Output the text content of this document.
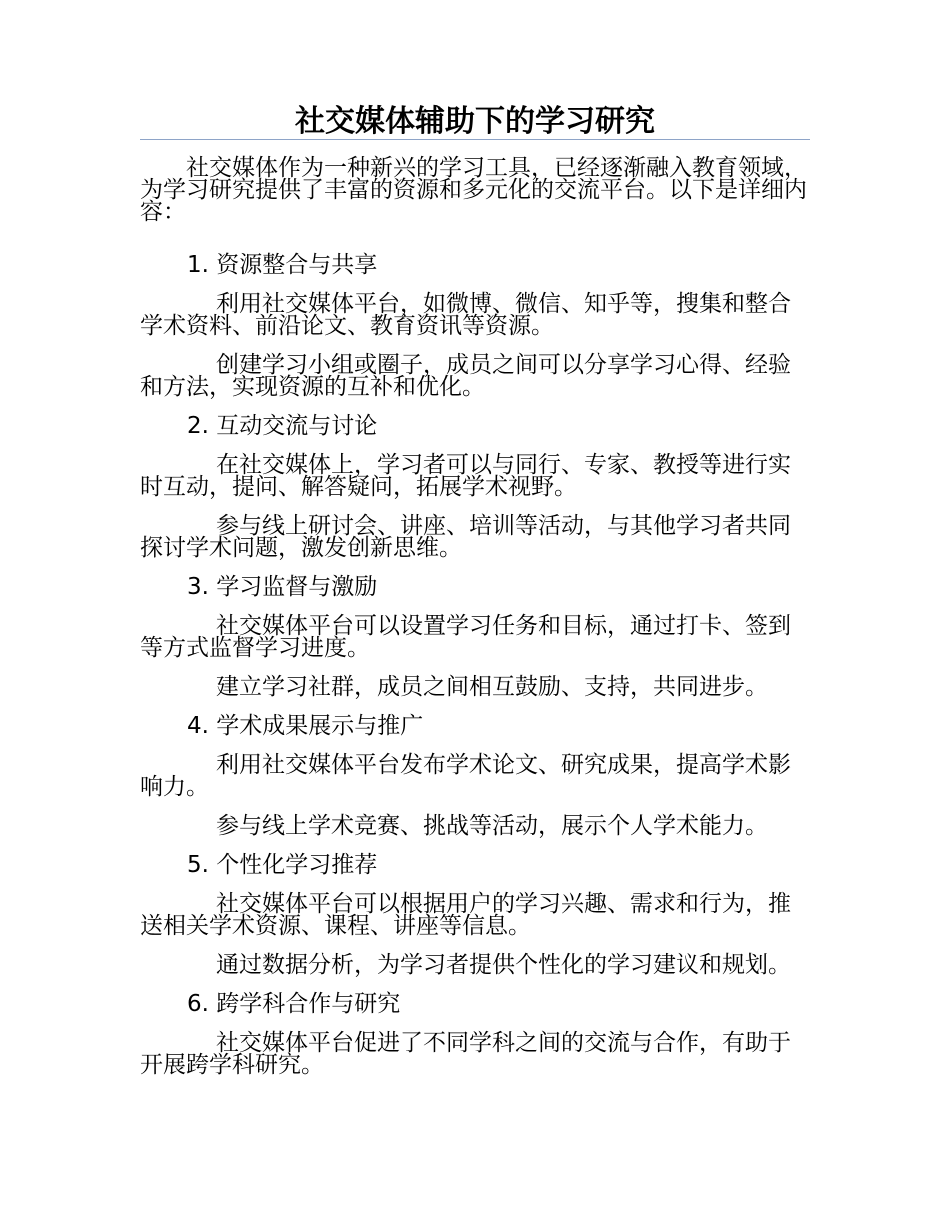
社交媒体辅助下的学习研究

社交媒体作为一种新兴的学习工具，已经逐渐融入教育领域，为学习研究提供了丰富的资源和多元化的交流平台。以下是详细内容：

1. 资源整合与共享

利用社交媒体平台，如微博、微信、知乎等，搜集和整合学术资料、前沿论文、教育资讯等资源。

创建学习小组或圈子，成员之间可以分享学习心得、经验和方法，实现资源的互补和优化。

2. 互动交流与讨论

在社交媒体上，学习者可以与同行、专家、教授等进行实时互动，提问、解答疑问，拓展学术视野。

参与线上研讨会、讲座、培训等活动，与其他学习者共同探讨学术问题，激发创新思维。

3. 学习监督与激励

社交媒体平台可以设置学习任务和目标，通过打卡、签到等方式监督学习进度。

建立学习社群，成员之间相互鼓励、支持，共同进步。

4. 学术成果展示与推广

利用社交媒体平台发布学术论文、研究成果，提高学术影响力。

参与线上学术竞赛、挑战等活动，展示个人学术能力。

5. 个性化学习推荐

社交媒体平台可以根据用户的学习兴趣、需求和行为，推送相关学术资源、课程、讲座等信息。

通过数据分析，为学习者提供个性化的学习建议和规划。

6. 跨学科合作与研究

社交媒体平台促进了不同学科之间的交流与合作，有助于开展跨学科研究。
